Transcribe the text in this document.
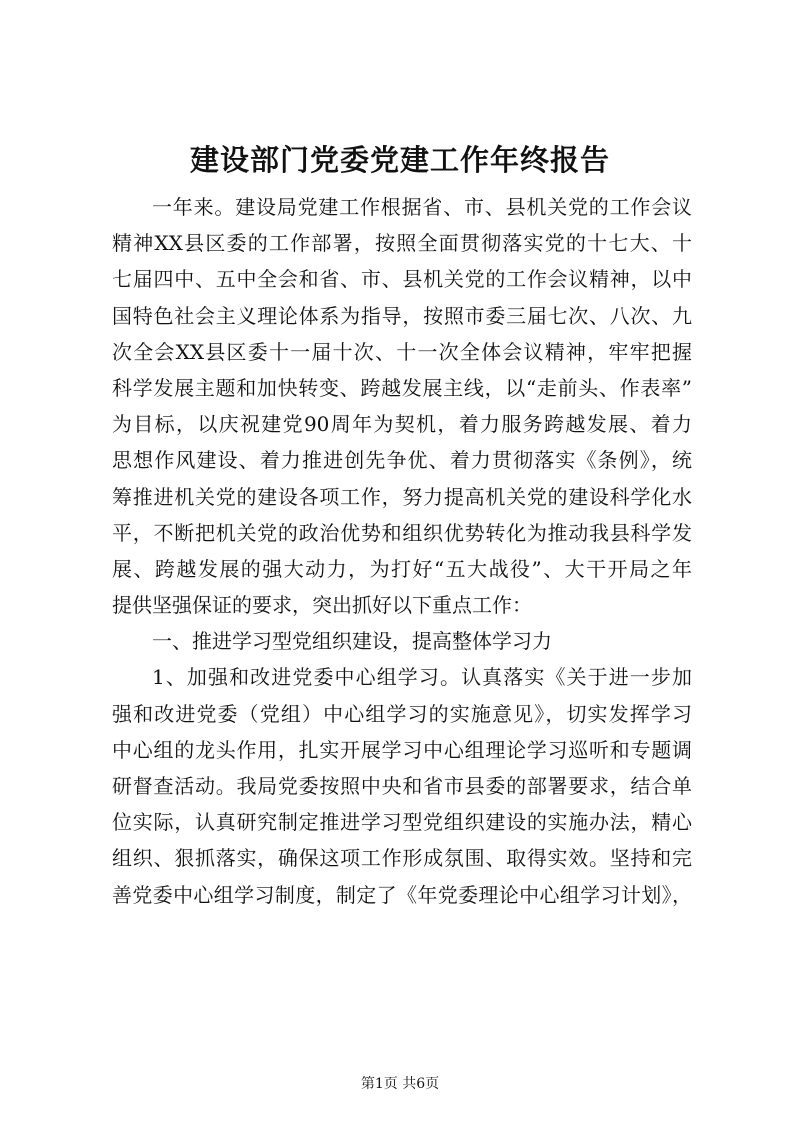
建设部门党委党建工作年终报告
一年来。建设局党建工作根据省、市、县机关党的工作会议
精神XX县区委的工作部署，按照全面贯彻落实党的十七大、十
七届四中、五中全会和省、市、县机关党的工作会议精神，以中
国特色社会主义理论体系为指导，按照市委三届七次、八次、九
次全会XX县区委十一届十次、十一次全体会议精神，牢牢把握
科学发展主题和加快转变、跨越发展主线，以“走前头、作表率”
为目标，以庆祝建党90周年为契机，着力服务跨越发展、着力
思想作风建设、着力推进创先争优、着力贯彻落实《条例》，统
筹推进机关党的建设各项工作，努力提高机关党的建设科学化水
平，不断把机关党的政治优势和组织优势转化为推动我县科学发
展、跨越发展的强大动力，为打好“五大战役”、大干开局之年
提供坚强保证的要求，突出抓好以下重点工作：
一、推进学习型党组织建设，提高整体学习力
1、加强和改进党委中心组学习。认真落实《关于进一步加
强和改进党委（党组）中心组学习的实施意见》，切实发挥学习
中心组的龙头作用，扎实开展学习中心组理论学习巡听和专题调
研督查活动。我局党委按照中央和省市县委的部署要求，结合单
位实际，认真研究制定推进学习型党组织建设的实施办法，精心
组织、狠抓落实，确保这项工作形成氛围、取得实效。坚持和完
善党委中心组学习制度，制定了《年党委理论中心组学习计划》，
第1页 共6页
